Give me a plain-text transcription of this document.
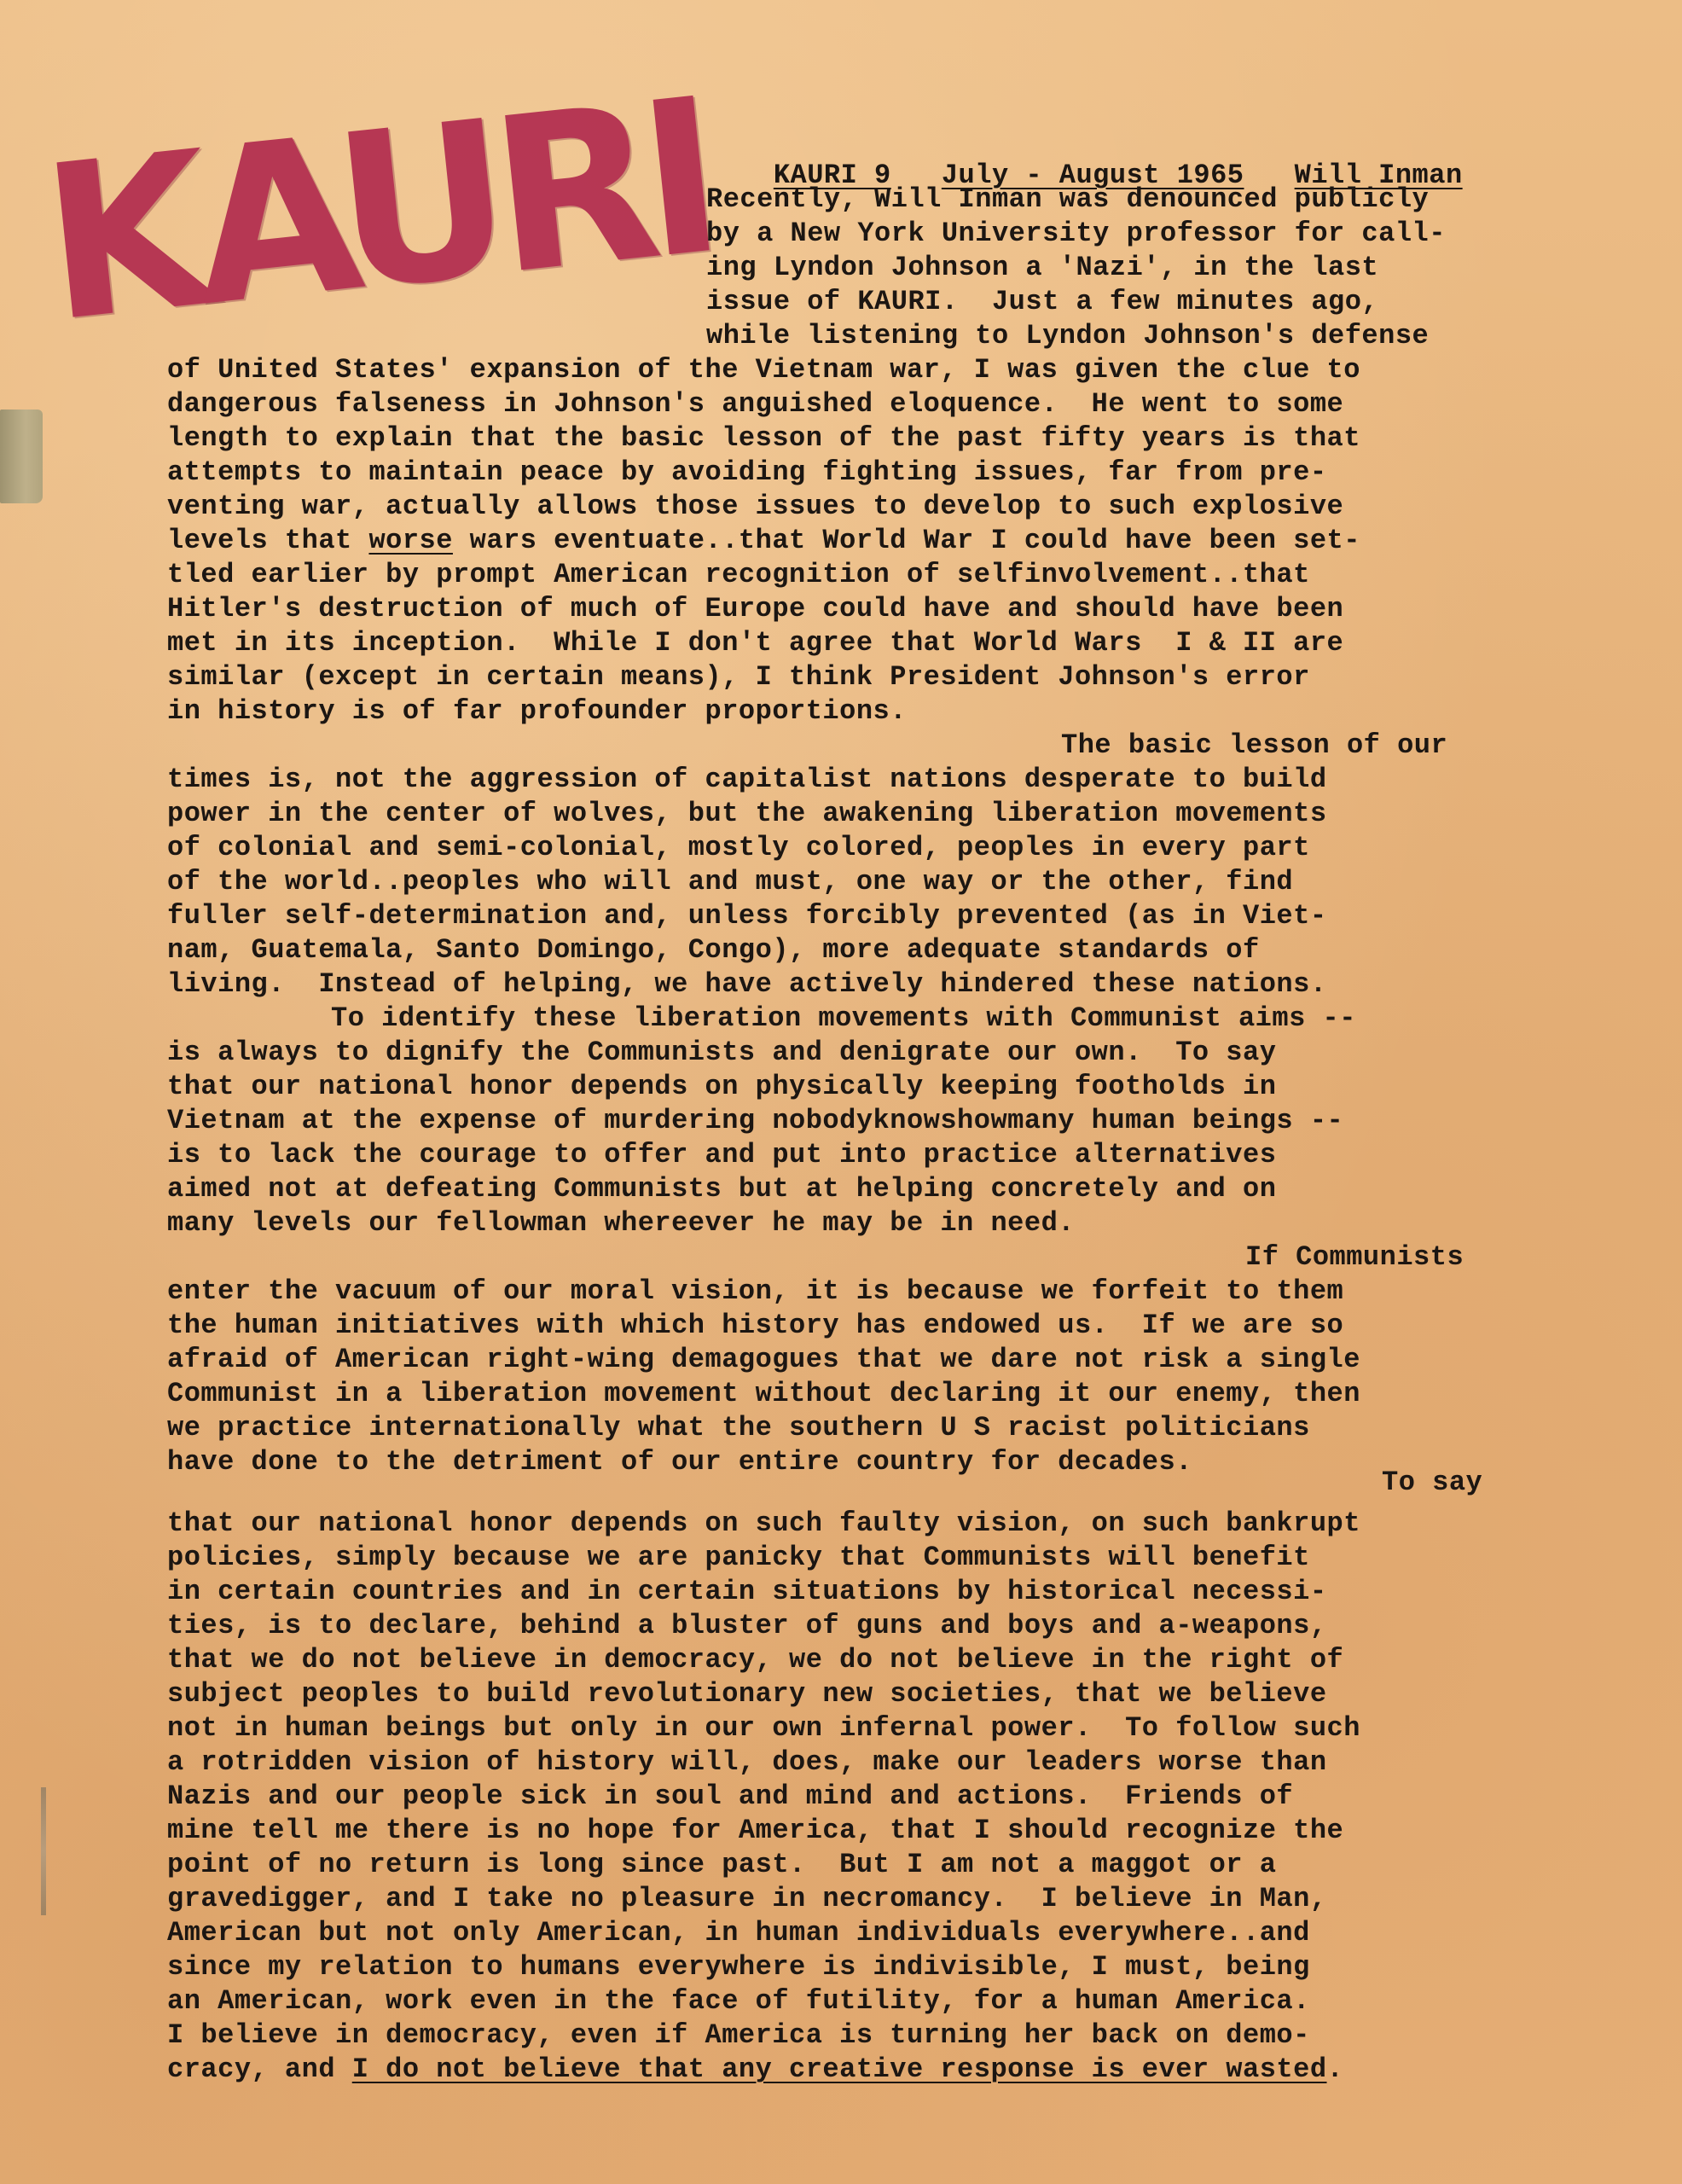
KAURI	KAURI 9 July - August 1965 Will Inman

Recently, Will Inman was denounced publicly

by a New York University professor for call-

ing Lyndon Johnson a 'Nazi', in the last

issue of KAURI.  Just a few minutes ago,

while listening to Lyndon Johnson's defense

of United States' expansion of the Vietnam war, I was given the clue to

dangerous falseness in Johnson's anguished eloquence.  He went to some

length to explain that the basic lesson of the past fifty years is that

attempts to maintain peace by avoiding fighting issues, far from pre-

venting war, actually allows those issues to develop to such explosive

levels that worse wars eventuate..that World War I could have been set-

tled earlier by prompt American recognition of selfinvolvement..that

Hitler's destruction of much of Europe could have and should have been

met in its inception.  While I don't agree that World Wars  I & II are

similar (except in certain means), I think President Johnson's error

in history is of far profounder proportions.

The basic lesson of our

times is, not the aggression of capitalist nations desperate to build

power in the center of wolves, but the awakening liberation movements

of colonial and semi-colonial, mostly colored, peoples in every part

of the world..peoples who will and must, one way or the other, find

fuller self-determination and, unless forcibly prevented (as in Viet-

nam, Guatemala, Santo Domingo, Congo), more adequate standards of

living.  Instead of helping, we have actively hindered these nations.

To identify these liberation movements with Communist aims --

is always to dignify the Communists and denigrate our own.  To say

that our national honor depends on physically keeping footholds in

Vietnam at the expense of murdering nobodyknowshowmany human beings --

is to lack the courage to offer and put into practice alternatives

aimed not at defeating Communists but at helping concretely and on

many levels our fellowman whereever he may be in need.

If Communists

enter the vacuum of our moral vision, it is because we forfeit to them

the human initiatives with which history has endowed us.  If we are so

afraid of American right-wing demagogues that we dare not risk a single

Communist in a liberation movement without declaring it our enemy, then

we practice internationally what the southern U S racist politicians

have done to the detriment of our entire country for decades.

To say

that our national honor depends on such faulty vision, on such bankrupt

policies, simply because we are panicky that Communists will benefit

in certain countries and in certain situations by historical necessi-

ties, is to declare, behind a bluster of guns and boys and a-weapons,

that we do not believe in democracy, we do not believe in the right of

subject peoples to build revolutionary new societies, that we believe

not in human beings but only in our own infernal power.  To follow such

a rotridden vision of history will, does, make our leaders worse than

Nazis and our people sick in soul and mind and actions.  Friends of

mine tell me there is no hope for America, that I should recognize the

point of no return is long since past.  But I am not a maggot or a

gravedigger, and I take no pleasure in necromancy.  I believe in Man,

American but not only American, in human individuals everywhere..and

since my relation to humans everywhere is indivisible, I must, being

an American, work even in the face of futility, for a human America.

I believe in democracy, even if America is turning her back on demo-

cracy, and I do not believe that any creative response is ever wasted.
